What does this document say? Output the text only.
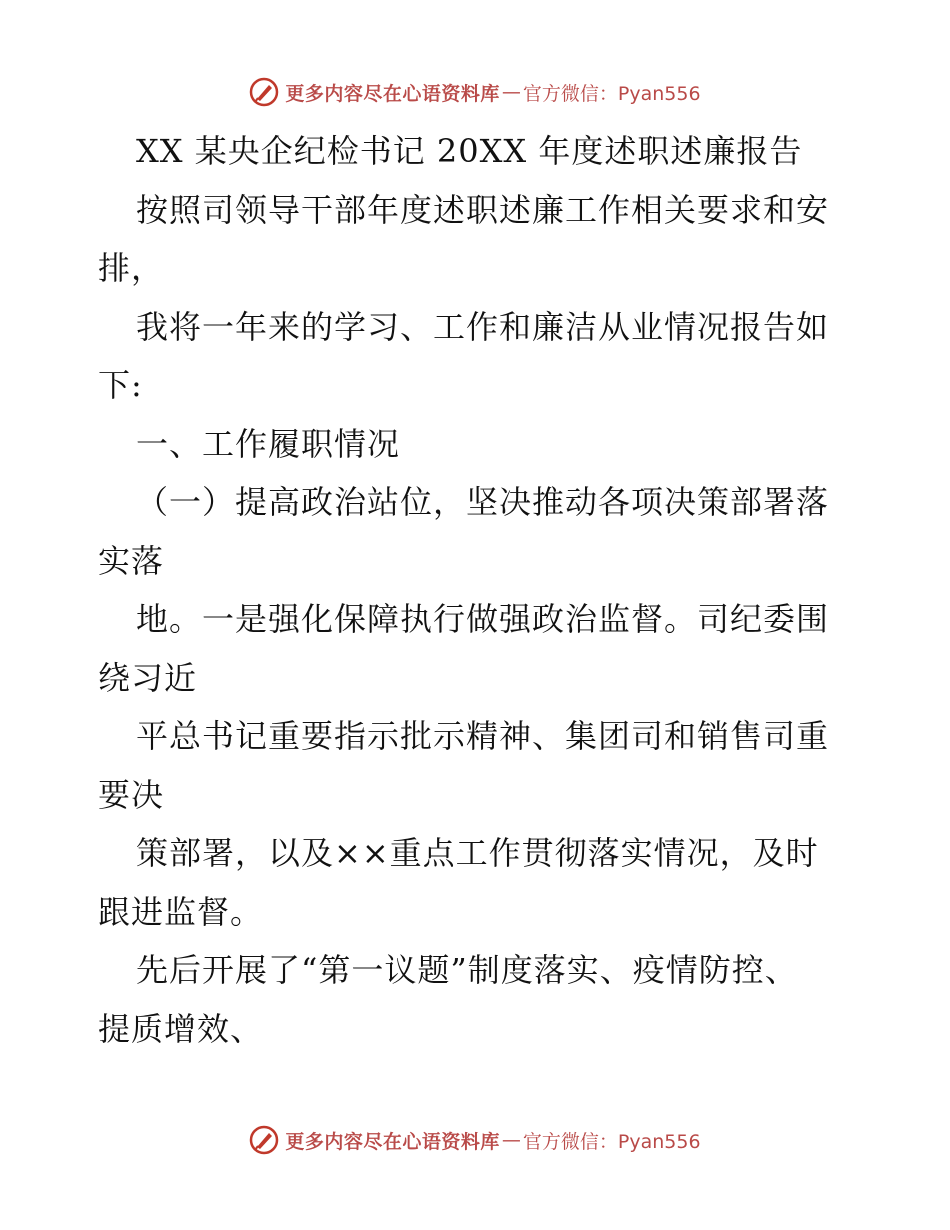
更多内容尽在心语资料库 — 官方微信：Pyan556
XX 某央企纪检书记 20XX 年度述职述廉报告
按照司领导干部年度述职述廉工作相关要求和安
排，
我将一年来的学习、工作和廉洁从业情况报告如
下:
一、工作履职情况
（一）提高政治站位，坚决推动各项决策部署落
实落
地。一是强化保障执行做强政治监督。司纪委围
绕习近
平总书记重要指示批示精神、集团司和销售司重
要决
策部署，以及××重点工作贯彻落实情况，及时
跟进监督。
先后开展了“第一议题”制度落实、疫情防控、
提质增效、
更多内容尽在心语资料库 — 官方微信：Pyan556
